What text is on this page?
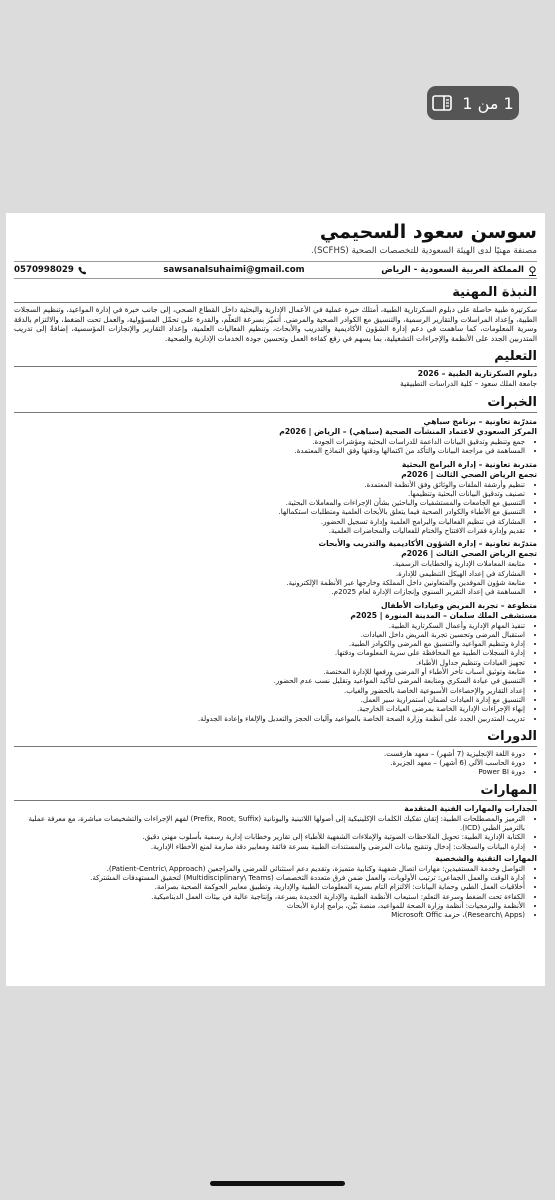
1 من 1
سوسن سعود السحيمي
مصنفة مهنيًا لدى الهيئة السعودية للتخصصات الصحية (SCFHS).
المملكة العربية السعودية - الرياض
sawsanalsuhaimi@gmail.com
0570998029
النبذة المهنية

سكرتيرة طبية حاصلة على دبلوم السكرتارية الطبية، أمتلك خبرة عملية في الأعمال الإدارية والبحثية داخل القطاع الصحي، إلى جانب خبرة في إدارة المواعيد، وتنظيم السجلات الطبية، وإعداد المراسلات والتقارير الرسمية، والتنسيق مع الكوادر الصحية والمرضى. أتميّز بسرعة التعلّم، والقدرة على تحمّل المسؤولية، والعمل تحت الضغط، والالتزام بالدقة وسرية المعلومات، كما ساهمت في دعم إدارة الشؤون الأكاديمية والتدريب والأبحاث، وتنظيم الفعاليات العلمية، وإعداد التقارير والإنجازات المؤسسية، إضافةً إلى تدريب المتدربين الجدد على الأنظمة والإجراءات التشغيلية، بما يسهم في رفع كفاءة العمل وتحسين جودة الخدمات الإدارية والصحية.

التعليم
دبلوم السكرتارية الطبية – 2026
جامعة الملك سعود – كلية الدراسات التطبيقية
الخبرات
متدرّبة تعاونية – برنامج سباهي
المركز السعودي لاعتماد المنشآت الصحية (سباهي) – الرياض | 2026م
• جمع وتنظيم وتدقيق البيانات الداعمة للدراسات البحثية ومؤشرات الجودة.
• المساهمة في مراجعة البيانات والتأكد من اكتمالها ودقتها وفق النماذج المعتمدة.
متدربة تعاونية – إدارة البرامج البحثية
تجمع الرياض الصحي الثالث | 2026م
• تنظيم وأرشفة الملفات والوثائق وفق الأنظمة المعتمدة.
• تصنيف وتدقيق البيانات البحثية وتنظيمها.
• التنسيق مع الجامعات والمستشفيات والباحثين بشأن الإجراءات والمعاملات البحثية.
• التنسيق مع الأطباء والكوادر الصحية فيما يتعلق بالأبحاث العلمية ومتطلبات استكمالها.
• المشاركة في تنظيم الفعاليات والبرامج العلمية وإدارة تسجيل الحضور.
• تقديم وإدارة فقرات الافتتاح والختام للفعاليات والمحاضرات العلمية.
متدرّبة تعاونية – إدارة الشؤون الأكاديمية والتدريب والأبحاث
تجمع الرياض الصحي الثالث | 2026م
• متابعة المعاملات الإدارية والخطابات الرسمية.
• المشاركة في إعداد الهيكل التنظيمي للإدارة.
• متابعة شؤون الموفدين والمتعاونين داخل المملكة وخارجها عبر الأنظمة الإلكترونية.
• المساهمة في إعداد التقرير السنوي وإنجازات الإدارة لعام 2025م.
متطوعة – تجربة المريض وعيادات الأطفال
مستشفى الملك سلمان – المدينة المنورة | 2025م
• تنفيذ المهام الإدارية وأعمال السكرتارية الطبية.
• استقبال المرضى وتحسين تجربة المريض داخل العيادات.
• إدارة وتنظيم المواعيد والتنسيق مع المرضى والكوادر الطبية.
• إدارة السجلات الطبية مع المحافظة على سرية المعلومات ودقتها.
• تجهيز العيادات وتنظيم جداول الأطباء.
• متابعة وتوثيق أسباب تأخر الأطباء أو المرضى ورفعها للإدارة المختصة.
• التنسيق في عيادة السكري ومتابعة المرضى لتأكيد المواعيد وتقليل نسب عدم الحضور.
• إعداد التقارير والإحصاءات الأسبوعية الخاصة بالحضور والغياب.
• التنسيق مع إدارة العيادات لضمان استمرارية سير العمل.
• إنهاء الإجراءات الإدارية الخاصة بمرضى العيادات الخارجية.
• تدريب المتدربين الجدد على أنظمة وزارة الصحة الخاصة بالمواعيد وآليات الحجز والتعديل والإلغاء وإعادة الجدولة.
الدورات
• دورة اللغة الإنجليزية (7 أشهر) – معهد هارفست.
• دورة الحاسب الآلي (6 أشهر) – معهد الجزيرة.
• دورة Power BI
المهارات
الجدارات والمهارات الفنية المتقدمة
• الترميز والمصطلحات الطبية: إتقان تفكيك الكلمات الإكلينيكية إلى أصولها اللاتينية واليونانية (Prefix, Root, Suffix) لفهم الإجراءات والتشخيصات مباشرة، مع معرفة عملية بالترميز الطبي (ICD).
• الكتابة الإدارية الطبية: تحويل الملاحظات الصوتية والإملاءات الشفهية للأطباء إلى تقارير وخطابات إدارية رسمية بأسلوب مهني دقيق.
• إدارة البيانات والسجلات: إدخال وتنقيح بيانات المرضى والمستندات الطبية بسرعة فائقة ومعايير دقة صارمة لمنع الأخطاء الإدارية.
المهارات التقنية والشخصية
• التواصل وخدمة المستفيدين: مهارات اتصال شفهية وكتابية متميزة، وتقديم دعم استثنائي للمرضى والمراجعين (Patient-Centric\ Approach).
• إدارة الوقت والعمل الجماعي: ترتيب الأولويات، والعمل ضمن فرق متعددة التخصصات (Multidisciplinary\ Teams) لتحقيق المستهدفات المشتركة.
• أخلاقيات العمل الطبي وحماية البيانات: الالتزام التام بسرية المعلومات الطبية والإدارية، وتطبيق معايير الحوكمة الصحية بصرامة.
• الكفاءة تحت الضغط وسرعة التعلم: استيعاب الأنظمة الطبية والإدارية الجديدة بسرعة، وإنتاجية عالية في بيئات العمل الديناميكية.
• الأنظمة والبرمجيات: أنظمة وزارة الصحة للمواعيد، منصة بَيْن، برامج إدارة الأبحاث
• (Research\ Apps)، حزمة Microsoft Offic
